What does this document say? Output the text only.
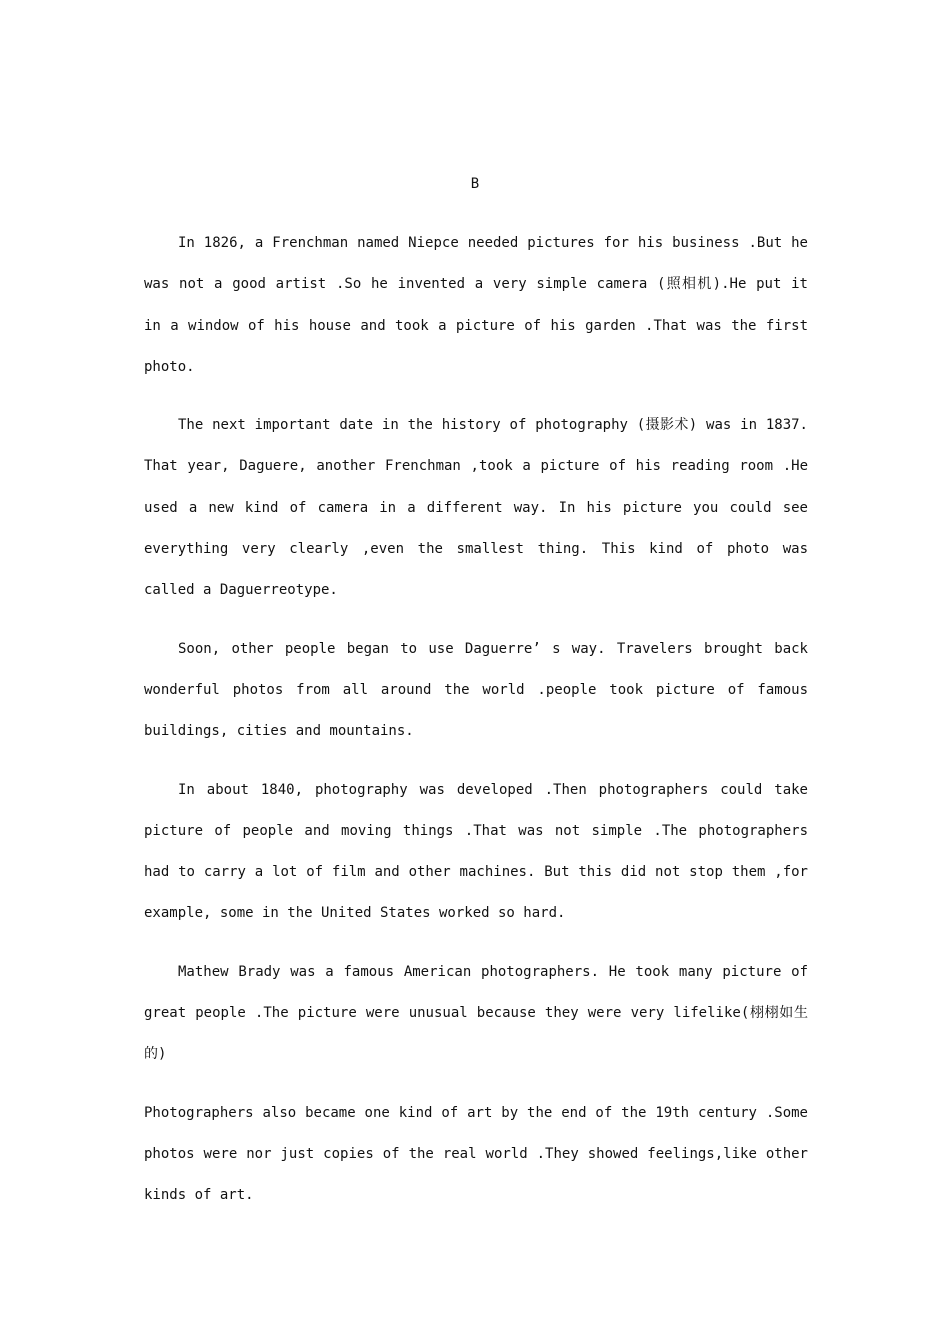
B

In 1826, a Frenchman named Niepce needed pictures for his business .But he was not a good artist .So he invented a very simple camera (照相机).He put it in a window of his house and took a picture of his garden .That was the first photo.

The next important date in the history of photography (摄影术) was in 1837. That year, Daguere, another Frenchman ,took a picture of his reading room .He used a new kind of camera in a different way. In his picture you could see everything very clearly ,even the smallest thing. This kind of photo was called a Daguerreotype.

Soon, other people began to use Daguerre’ s way. Travelers brought back wonderful photos from all around the world .people took picture of famous buildings, cities and mountains.

In about 1840, photography was developed .Then photographers could take picture of people and moving things .That was not simple .The photographers had to carry a lot of film and other machines. But this did not stop them ,for example, some in the United States worked so hard.

Mathew Brady was a famous American photographers. He took many picture of great people .The picture were unusual because they were very lifelike(栩栩如生的)

Photographers also became one kind of art by the end of the 19th century .Some photos were nor just copies of the real world .They showed feelings,like other kinds of art.
